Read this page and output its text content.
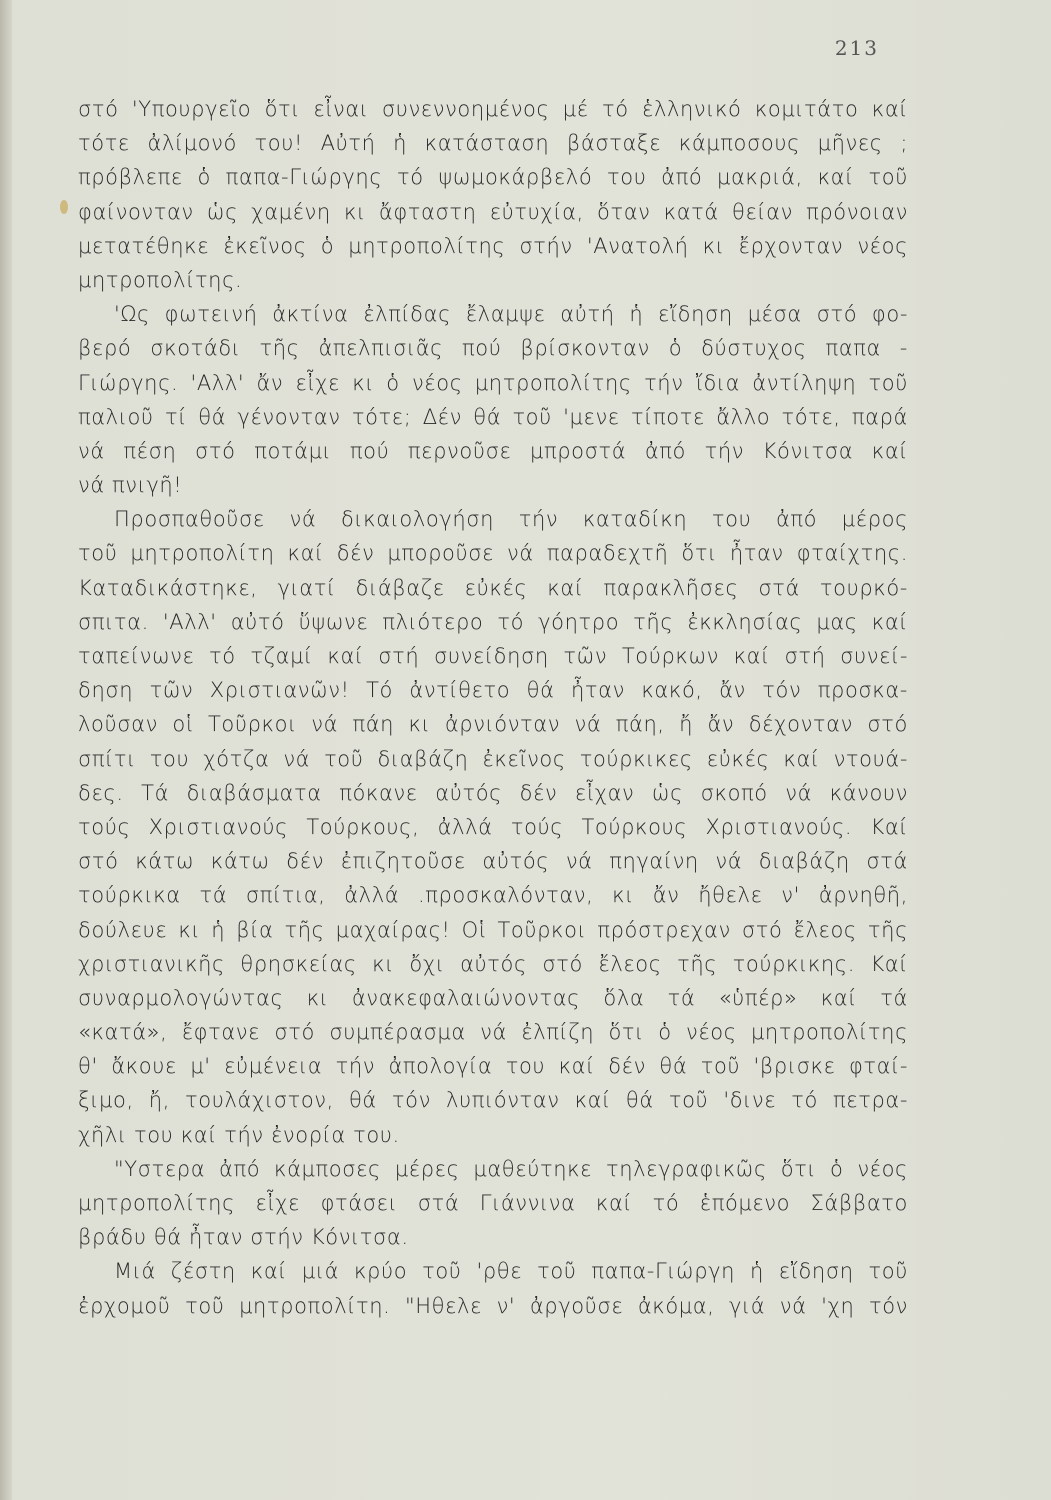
213
στό 'Υπουργεῖο ὅτι εἶναι συνεννοημένος μέ τό ἑλληνικό κομιτάτο καί
τότε ἀλίμονό του! Αὐτή ἡ κατάσταση βάσταξε κάμποσους μῆνες ;
πρόβλεπε ὁ παπα-Γιώργης τό ψωμοκάρβελό του ἀπό μακριά, καί τοῦ
φαίνονταν ὡς χαμένη κι ἄφταστη εὐτυχία, ὅταν κατά θείαν πρόνοιαν
μετατέθηκε ἐκεῖνος ὁ μητροπολίτης στήν 'Ανατολή κι ἔρχονταν νέος
μητροπολίτης.
'Ως φωτεινή ἀκτίνα ἐλπίδας ἔλαμψε αὐτή ἡ εἴδηση μέσα στό φο-
βερό σκοτάδι τῆς ἀπελπισιᾶς πού βρίσκονταν ὁ δύστυχος παπα -
Γιώργης. 'Αλλ' ἄν εἶχε κι ὁ νέος μητροπολίτης τήν ἴδια ἀντίληψη τοῦ
παλιοῦ τί θά γένονταν τότε; Δέν θά τοῦ 'μενε τίποτε ἄλλο τότε, παρά
νά πέση στό ποτάμι πού περνοῦσε μπροστά ἀπό τήν Κόνιτσα καί
νά πνιγῆ!
Προσπαθοῦσε νά δικαιολογήση τήν καταδίκη του ἀπό μέρος
τοῦ μητροπολίτη καί δέν μποροῦσε νά παραδεχτῆ ὅτι ἦταν φταίχτης.
Καταδικάστηκε, γιατί διάβαζε εὐκές καί παρακλῆσες στά τουρκό-
σπιτα. 'Αλλ' αὐτό ὕψωνε πλιότερο τό γόητρο τῆς ἐκκλησίας μας καί
ταπείνωνε τό τζαμί καί στή συνείδηση τῶν Τούρκων καί στή συνεί-
δηση τῶν Χριστιανῶν! Τό ἀντίθετο θά ἦταν κακό, ἄν τόν προσκα-
λοῦσαν οἱ Τοῦρκοι νά πάη κι ἀρνιόνταν νά πάη, ἤ ἄν δέχονταν στό
σπίτι του χότζα νά τοῦ διαβάζη ἐκεῖνος τούρκικες εὐκές καί ντουά-
δες. Τά διαβάσματα πόκανε αὐτός δέν εἶχαν ὡς σκοπό νά κάνουν
τούς Χριστιανούς Τούρκους, ἀλλά τούς Τούρκους Χριστιανούς. Καί
στό κάτω κάτω δέν ἐπιζητοῦσε αὐτός νά πηγαίνη νά διαβάζη στά
τούρκικα τά σπίτια, ἀλλά .προσκαλόνταν, κι ἄν ἤθελε ν' ἀρνηθῆ,
δούλευε κι ἡ βία τῆς μαχαίρας! Οἱ Τοῦρκοι πρόστρεχαν στό ἔλεος τῆς
χριστιανικῆς θρησκείας κι ὄχι αὐτός στό ἔλεος τῆς τούρκικης. Καί
συναρμολογώντας κι ἀνακεφαλαιώνοντας ὅλα τά «ὑπέρ» καί τά
«κατά», ἔφτανε στό συμπέρασμα νά ἐλπίζη ὅτι ὁ νέος μητροπολίτης
θ' ἄκουε μ' εὐμένεια τήν ἀπολογία του καί δέν θά τοῦ 'βρισκε φταί-
ξιμο, ἤ, τουλάχιστον, θά τόν λυπιόνταν καί θά τοῦ 'δινε τό πετρα-
χῆλι του καί τήν ἐνορία του.
"Υστερα ἀπό κάμποσες μέρες μαθεύτηκε τηλεγραφικῶς ὅτι ὁ νέος
μητροπολίτης εἶχε φτάσει στά Γιάννινα καί τό ἑπόμενο Σάββατο
βράδυ θά ἦταν στήν Κόνιτσα.
Μιά ζέστη καί μιά κρύο τοῦ 'ρθε τοῦ παπα-Γιώργη ἡ εἴδηση τοῦ
ἐρχομοῦ τοῦ μητροπολίτη. "Ηθελε ν' ἀργοῦσε ἀκόμα, γιά νά 'χη τόν
